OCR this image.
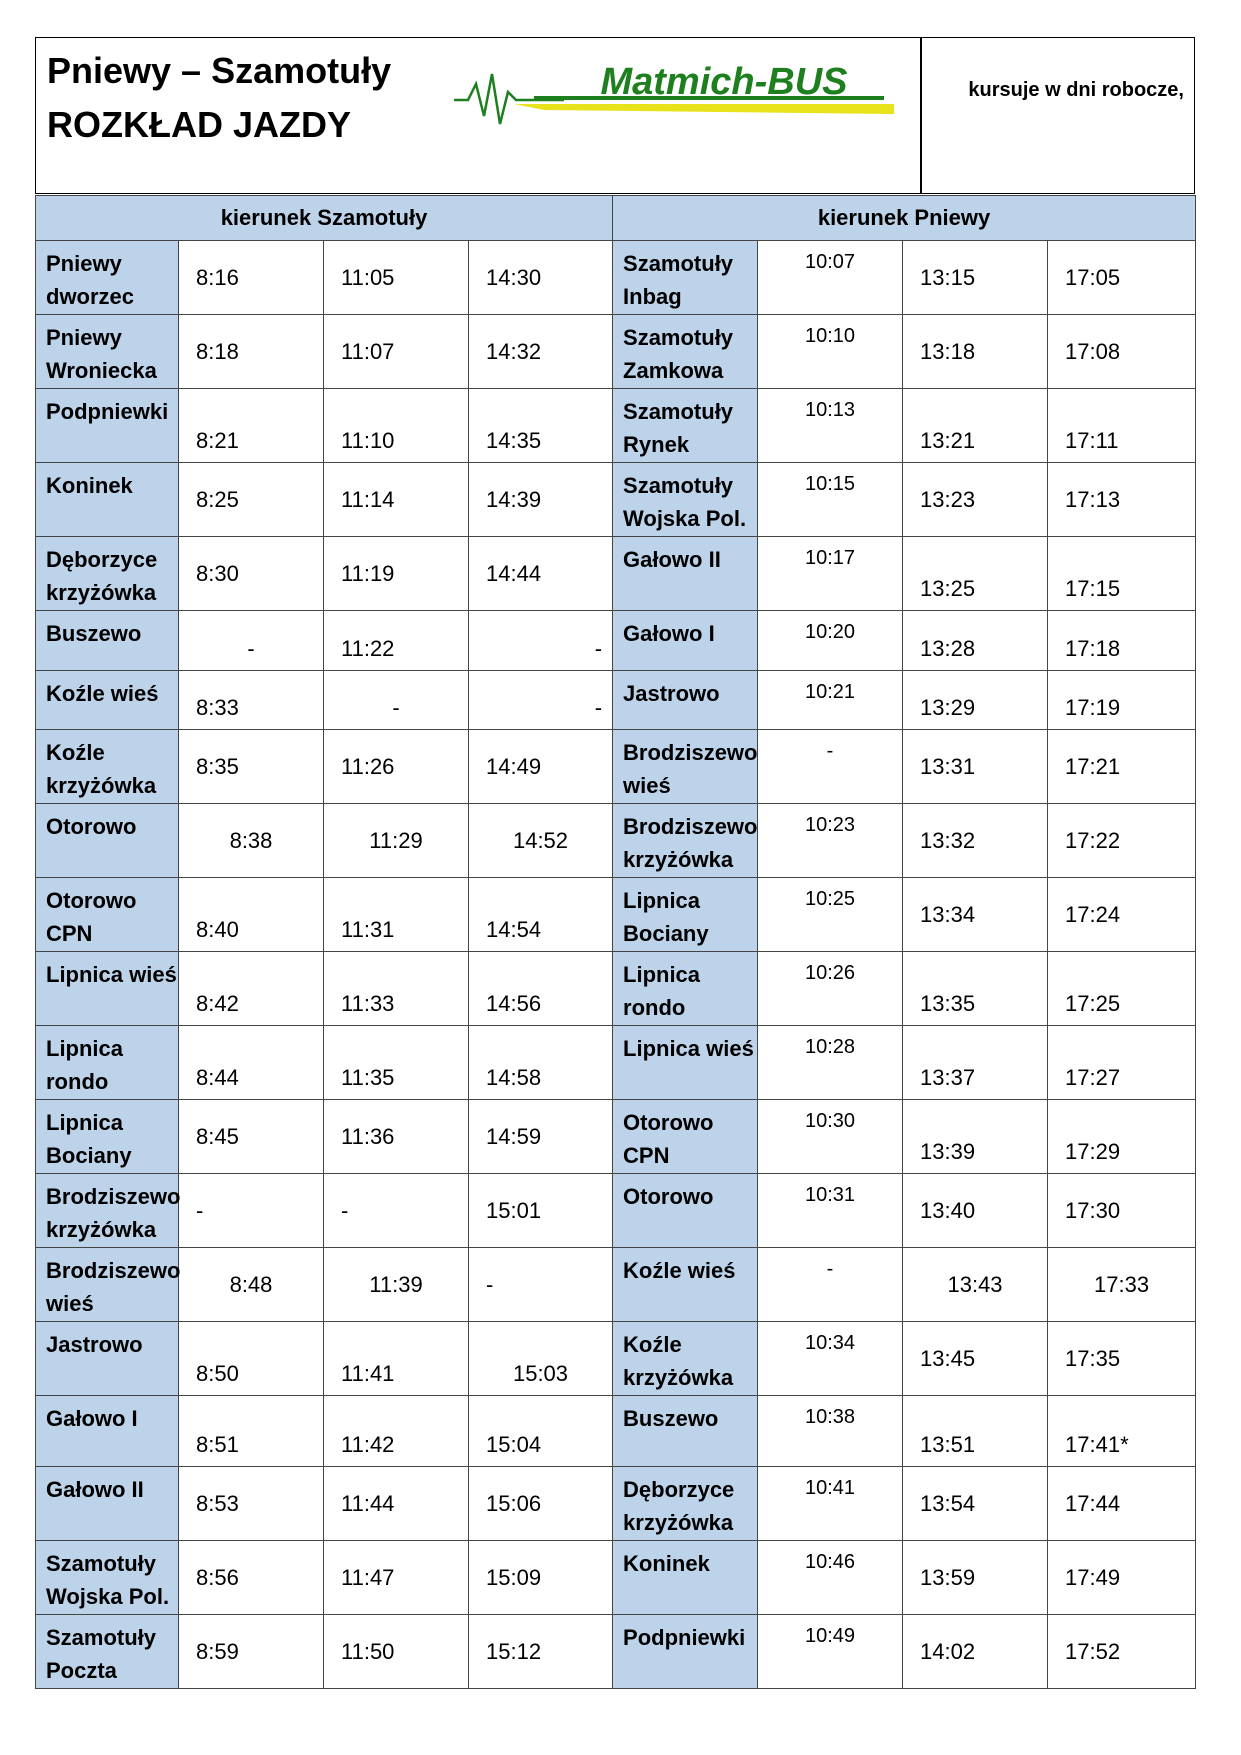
Pniewy – Szamotuły
ROZKŁAD JAZDY
Matmich-BUS	kursuje w dni robocze,
kierunek Szamotuły				kierunek Pniewy			
Pniewy dworzec	8:16	11:05	14:30	Szamotuły Inbag	10:07	13:15	17:05
Pniewy Wroniecka	8:18	11:07	14:32	Szamotuły Zamkowa	10:10	13:18	17:08
Podpniewki	8:21	11:10	14:35	Szamotuły Rynek	10:13	13:21	17:11
Koninek	8:25	11:14	14:39	Szamotuły Wojska Pol.	10:15	13:23	17:13
Dęborzyce krzyżówka	8:30	11:19	14:44	Gałowo II	10:17	13:25	17:15
Buszewo	-	11:22	-	Gałowo I	10:20	13:28	17:18
Koźle wieś	8:33	-	-	Jastrowo	10:21	13:29	17:19
Koźle krzyżówka	8:35	11:26	14:49	Brodziszewo wieś	-	13:31	17:21
Otorowo	8:38	11:29	14:52	Brodziszewo krzyżówka	10:23	13:32	17:22
Otorowo CPN	8:40	11:31	14:54	Lipnica Bociany	10:25	13:34	17:24
Lipnica wieś	8:42	11:33	14:56	Lipnica rondo	10:26	13:35	17:25
Lipnica rondo	8:44	11:35	14:58	Lipnica wieś	10:28	13:37	17:27
Lipnica Bociany	8:45	11:36	14:59	Otorowo CPN	10:30	13:39	17:29
Brodziszewo krzyżówka	-	-	15:01	Otorowo	10:31	13:40	17:30
Brodziszewo wieś	8:48	11:39	-	Koźle wieś	-	13:43	17:33
Jastrowo	8:50	11:41	15:03	Koźle krzyżówka	10:34	13:45	17:35
Gałowo I	8:51	11:42	15:04	Buszewo	10:38	13:51	17:41*
Gałowo II	8:53	11:44	15:06	Dęborzyce krzyżówka	10:41	13:54	17:44
Szamotuły Wojska Pol.	8:56	11:47	15:09	Koninek	10:46	13:59	17:49
Szamotuły Poczta	8:59	11:50	15:12	Podpniewki	10:49	14:02	17:52
